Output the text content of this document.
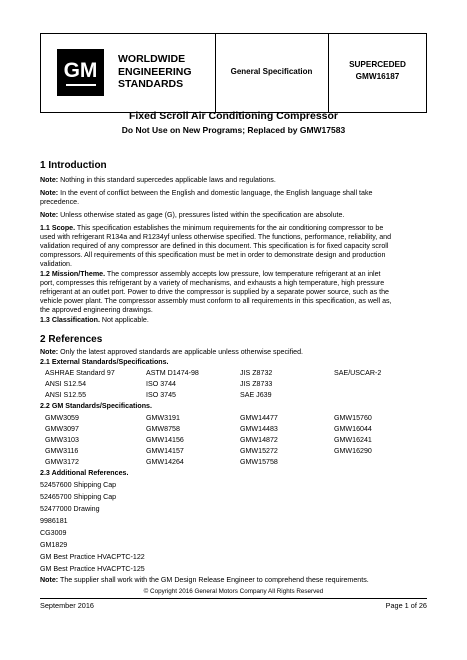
GM WORLDWIDE
ENGINEERING
STANDARDS
General Specification
SUPERCEDED
GMW16187
Fixed Scroll Air Conditioning Compressor
Do Not Use on New Programs; Replaced by GMW17583
1 Introduction
Note: Nothing in this standard supercedes applicable laws and regulations.
Note: In the event of conflict between the English and domestic language, the English language shall take
precedence.
Note: Unless otherwise stated as gage (G), pressures listed within the specification are absolute.
1.1 Scope. This specification establishes the minimum requirements for the air conditioning compressor to be
used with refrigerant R134a and R1234yf unless otherwise specified. The functions, performance, reliability, and
validation required of any compressor are defined in this document. This specification is for fixed capacity scroll
compressors. All requirements of this specification must be met in order to demonstrate design and production
validation.
1.2 Mission/Theme. The compressor assembly accepts low pressure, low temperature refrigerant at an inlet
port, compresses this refrigerant by a variety of mechanisms, and exhausts a high temperature, high pressure
refrigerant at an outlet port. Power to drive the compressor is supplied by a separate power source, such as the
vehicle power plant. The compressor assembly must conform to all requirements in this specification, as well as,
the approved engineering drawings.
1.3 Classification. Not applicable.
2 References
Note: Only the latest approved standards are applicable unless otherwise specified.
2.1 External Standards/Specifications.
ASHRAE Standard 97	ASTM D1474-98	JIS Z8732	SAE/USCAR-2
ANSI S12.54	ISO 3744	JIS Z8733
ANSI S12.55	ISO 3745	SAE J639
2.2 GM Standards/Specifications.
GMW3059	GMW3191	GMW14477	GMW15760
GMW3097	GMW8758	GMW14483	GMW16044
GMW3103	GMW14156	GMW14872	GMW16241
GMW3116	GMW14157	GMW15272	GMW16290
GMW3172	GMW14264	GMW15758
2.3 Additional References.
52457600 Shipping Cap
52465700 Shipping Cap
52477000 Drawing
9986181
CG3009
GM1829
GM Best Practice HVACPTC-122
GM Best Practice HVACPTC-125
Note: The supplier shall work with the GM Design Release Engineer to comprehend these requirements.
© Copyright 2016 General Motors Company All Rights Reserved
September 2016	Page 1 of 26
